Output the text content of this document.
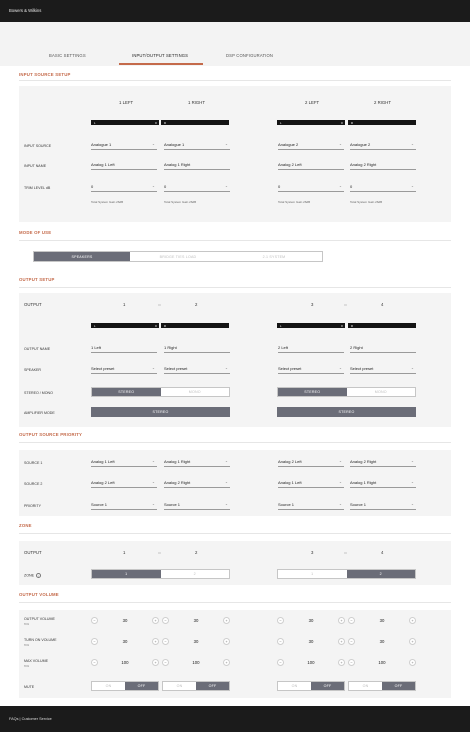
Bowers & Wilkins
BASIC SETTINGS	INPUT/OUTPUT SETTINGS	DSP CONFIGURATION
INPUT SOURCE SETUP
1 LEFT	1 RIGHT	2 LEFT	2 RIGHT
L	≡	R	L	≡	R
INPUT SOURCE	Analogue 1	⌄ Analogue 1	⌄	Analogue 2	⌄ Analogue 2	⌄
INPUT NAME	Analog 1 Left	Analog 1 Right	Analog 2 Left	Analog 2 Right
TRIM LEVEL dB	0	⌄ 0	⌄	0	⌄ 0	⌄
Total System Gain 26dB	Total System Gain 26dB	Total System Gain 26dB	Total System Gain 26dB
MODE OF USE
SPEAKERS	BRIDGE TIES LOAD	2.1 SYSTEM
OUTPUT SETUP
OUTPUT	1	:::	2	3	:::	4
L	≡	R	L	≡	R
OUTPUT NAME	1 Left	1 Right	2 Left	2 Right
SPEAKER	Select preset	⌄ Select preset	⌄	Select preset	⌄ Select preset	⌄
STEREO / MONO	STEREO	MONO	STEREO	MONO
AMPLIFIER MODE	STEREO	STEREO
OUTPUT SOURCE PRIORITY
SOURCE 1	Analog 1 Left	⌄ Analog 1 Right	⌄	Analog 2 Left	⌄ Analog 2 Right	⌄
SOURCE 2	Analog 2 Left	⌄ Analog 2 Right	⌄	Analog 1 Left	⌄ Analog 1 Right	⌄
PRIORITY	Source 1	⌄ Source 1	⌄	Source 1	⌄ Source 1	⌄
ZONE
OUTPUT	1	:::	2	3	:::	4
ZONE i	1	2	1	2
OUTPUT VOLUME
OUTPUT VOLUME
%%
−	30	+	−	30	+	−	30	+	−	30	+
TURN ON VOLUME
%%
−	30	+	−	30	+	−	30	+	−	30	+
MAX VOLUME
%%
−	100	+	−	100	+	−	100	+	−	100	+
MUTE	ON	OFF	ON	OFF	ON	OFF	ON	OFF
FAQs | Customer Service
